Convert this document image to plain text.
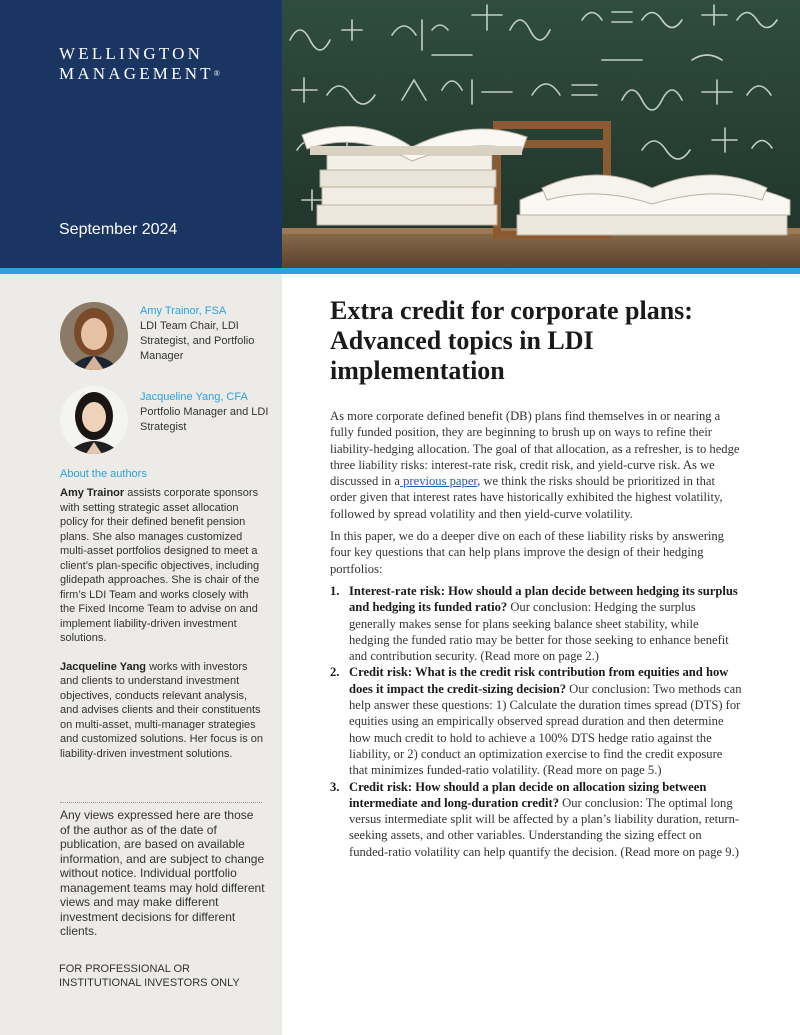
WELLINGTON
MANAGEMENT®
September 2024
Amy Trainor, FSA
LDI Team Chair, LDI Strategist, and Portfolio Manager
Jacqueline Yang, CFA
Portfolio Manager and LDI Strategist
About the authors

Amy Trainor assists corporate sponsors with setting strategic asset allocation policy for their defined benefit pension plans. She also manages customized multi-asset portfolios designed to meet a client’s plan-specific objectives, including glidepath approaches. She is chair of the firm’s LDI Team and works closely with the Fixed Income Team to advise on and implement liability-driven investment solutions.

Jacqueline Yang works with investors and clients to understand investment objectives, conducts relevant analysis, and advises clients and their constituents on multi-asset, multi-manager strategies and customized solutions. Her focus is on liability-driven investment solutions.

Any views expressed here are those of the author as of the date of publication, are based on available information, and are subject to change without notice. Individual portfolio management teams may hold different views and may make different investment decisions for different clients.
FOR PROFESSIONAL OR
INSTITUTIONAL INVESTORS ONLY
Extra credit for corporate plans: Advanced topics in LDI implementation

As more corporate defined benefit (DB) plans find themselves in or nearing a fully funded position, they are beginning to brush up on ways to refine their liability-hedging allocation. The goal of that allocation, as a refresher, is to hedge three liability risks: interest-rate risk, credit risk, and yield-curve risk. As we discussed in a previous paper, we think the risks should be prioritized in that order given that interest rates have historically exhibited the highest volatility, followed by spread volatility and then yield-curve volatility.

In this paper, we do a deeper dive on each of these liability risks by answering four key questions that can help plans improve the design of their hedging portfolios:

1. Interest-rate risk: How should a plan decide between hedging its surplus and hedging its funded ratio? Our conclusion: Hedging the surplus generally makes sense for plans seeking balance sheet stability, while hedging the funded ratio may be better for those seeking to enhance benefit and contribution security. (Read more on page 2.)
2. Credit risk: What is the credit risk contribution from equities and how does it impact the credit-sizing decision? Our conclusion: Two methods can help answer these questions: 1) Calculate the duration times spread (DTS) for equities using an empirically observed spread duration and then determine how much credit to hold to achieve a 100% DTS hedge ratio against the liability, or 2) conduct an optimization exercise to find the credit exposure that minimizes funded-ratio volatility. (Read more on page 5.)
3. Credit risk: How should a plan decide on allocation sizing between intermediate and long-duration credit? Our conclusion: The optimal long versus intermediate split will be affected by a plan’s liability duration, return-seeking assets, and other variables. Understanding the sizing effect on funded-ratio volatility can help quantify the decision. (Read more on page 9.)
